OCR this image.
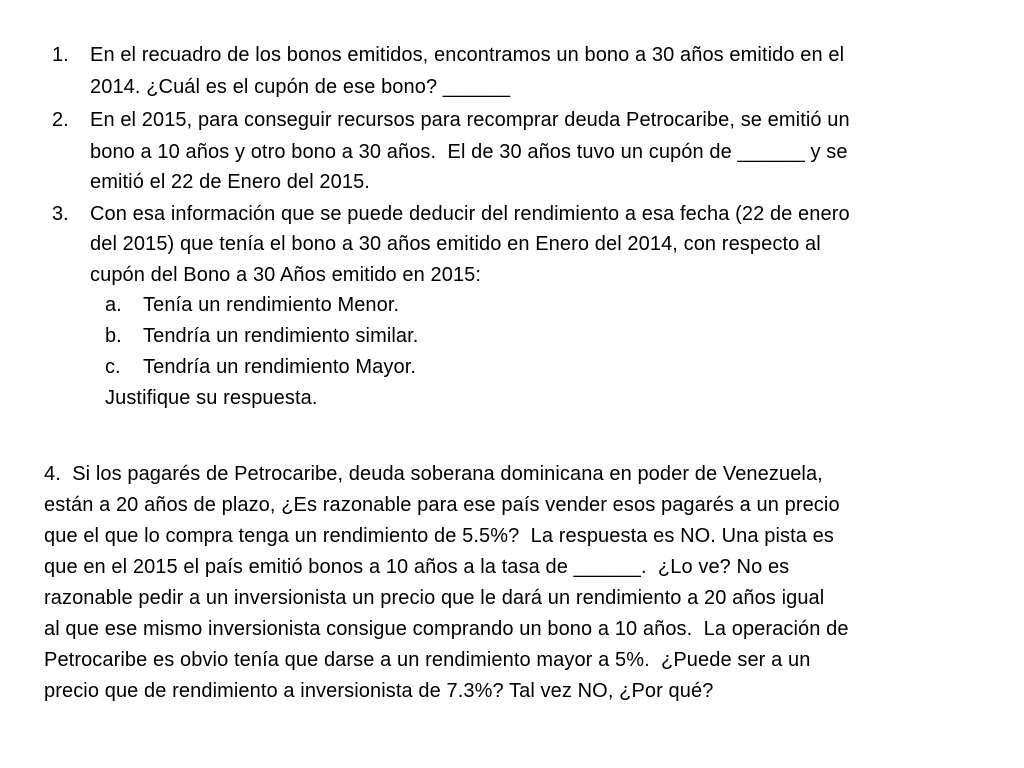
1. En el recuadro de los bonos emitidos, encontramos un bono a 30 años emitido en el
2014. ¿Cuál es el cupón de ese bono? ______
2. En el 2015, para conseguir recursos para recomprar deuda Petrocaribe, se emitió un
bono a 10 años y otro bono a 30 años.  El de 30 años tuvo un cupón de ______ y se
emitió el 22 de Enero del 2015.
3. Con esa información que se puede deducir del rendimiento a esa fecha (22 de enero
del 2015) que tenía el bono a 30 años emitido en Enero del 2014, con respecto al
cupón del Bono a 30 Años emitido en 2015:
a. Tenía un rendimiento Menor.
b. Tendría un rendimiento similar.
c. Tendría un rendimiento Mayor.
Justifique su respuesta.
4.  Si los pagarés de Petrocaribe, deuda soberana dominicana en poder de Venezuela,
están a 20 años de plazo, ¿Es razonable para ese país vender esos pagarés a un precio
que el que lo compra tenga un rendimiento de 5.5%?  La respuesta es NO. Una pista es
que en el 2015 el país emitió bonos a 10 años a la tasa de ______.  ¿Lo ve? No es
razonable pedir a un inversionista un precio que le dará un rendimiento a 20 años igual
al que ese mismo inversionista consigue comprando un bono a 10 años.  La operación de
Petrocaribe es obvio tenía que darse a un rendimiento mayor a 5%.  ¿Puede ser a un
precio que de rendimiento a inversionista de 7.3%? Tal vez NO, ¿Por qué?
